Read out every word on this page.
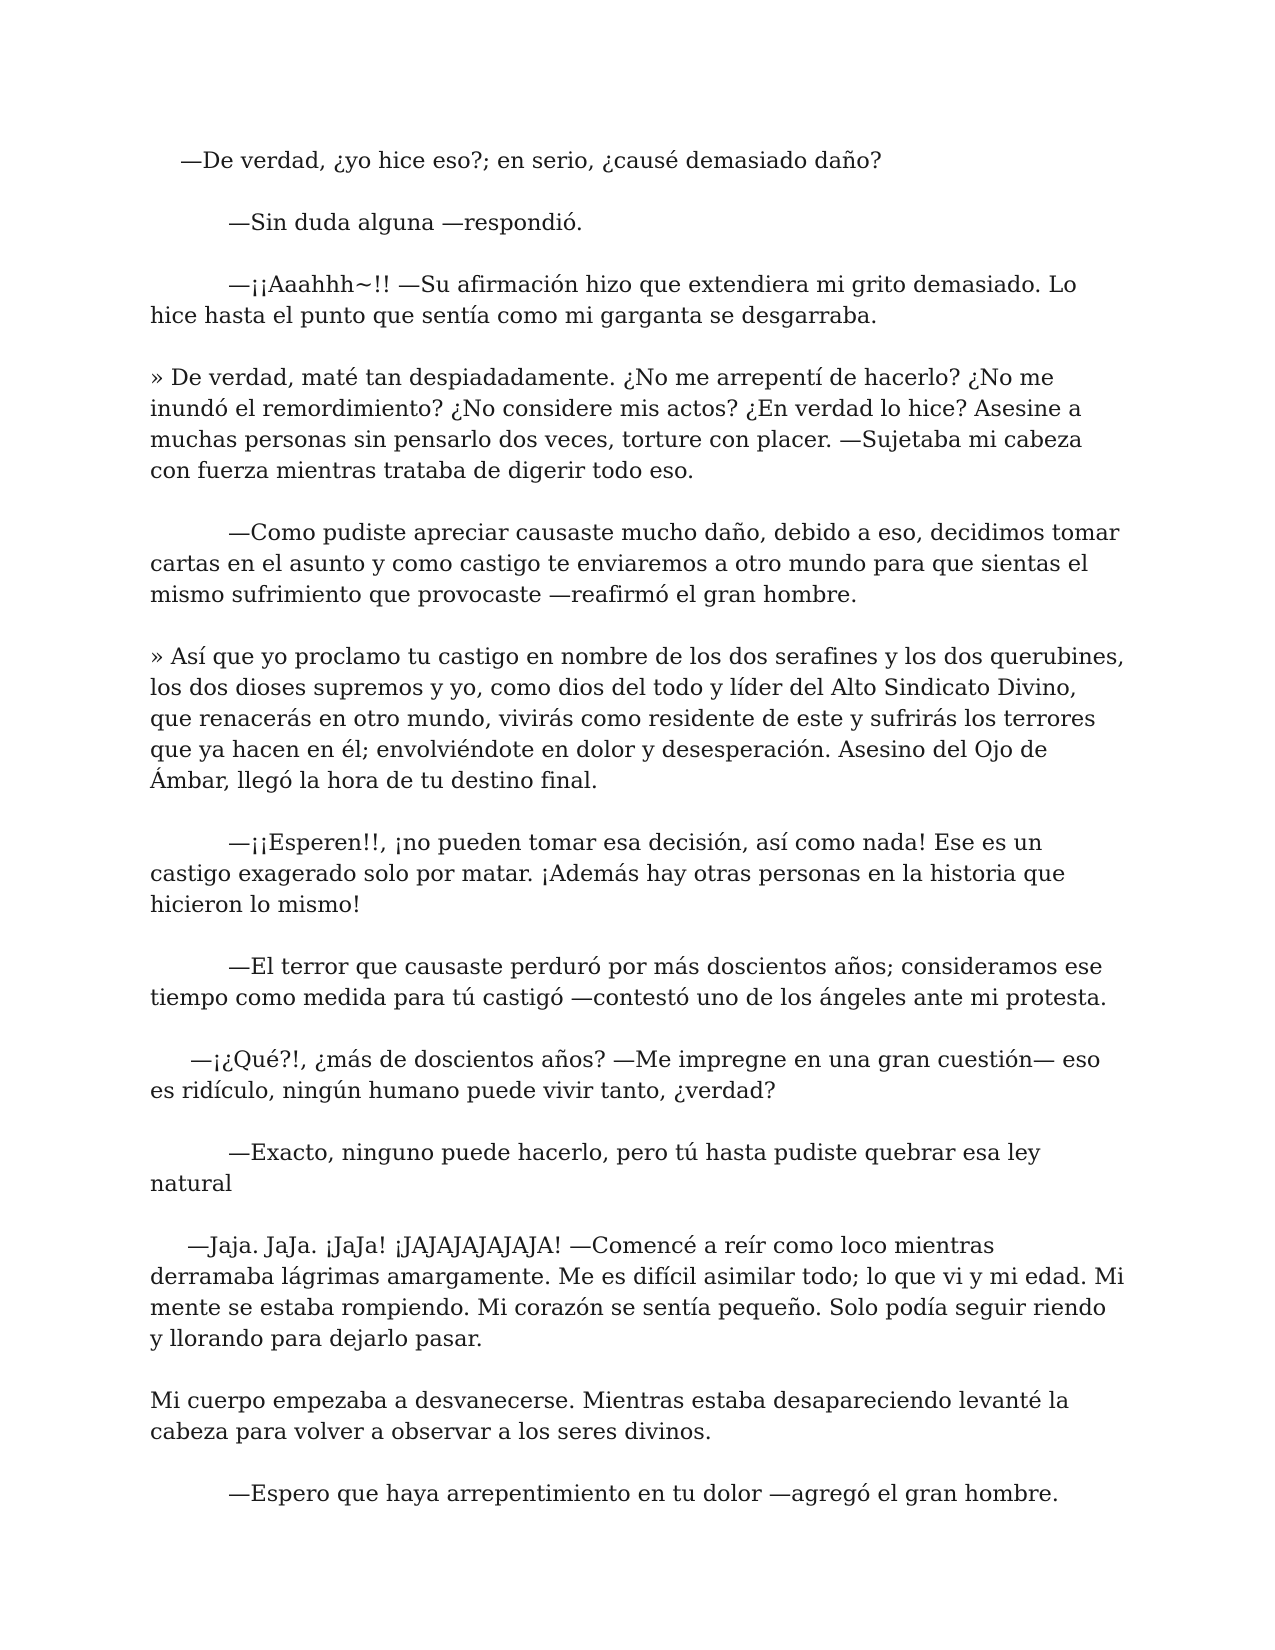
—De verdad, ¿yo hice eso?; en serio, ¿causé demasiado daño?

—Sin duda alguna —respondió.

—¡¡Aaahhh~!! —Su afirmación hizo que extendiera mi grito demasiado. Lo hice hasta el punto que sentía como mi garganta se desgarraba.

» De verdad, maté tan despiadadamente. ¿No me arrepentí de hacerlo? ¿No me inundó el remordimiento? ¿No considere mis actos? ¿En verdad lo hice? Asesine a muchas personas sin pensarlo dos veces, torture con placer. —Sujetaba mi cabeza con fuerza mientras trataba de digerir todo eso.

—Como pudiste apreciar causaste mucho daño, debido a eso, decidimos tomar cartas en el asunto y como castigo te enviaremos a otro mundo para que sientas el mismo sufrimiento que provocaste —reafirmó el gran hombre.

» Así que yo proclamo tu castigo en nombre de los dos serafines y los dos querubines, los dos dioses supremos y yo, como dios del todo y líder del Alto Sindicato Divino, que renacerás en otro mundo, vivirás como residente de este y sufrirás los terrores que ya hacen en él; envolviéndote en dolor y desesperación. Asesino del Ojo de Ámbar, llegó la hora de tu destino final.

—¡¡Esperen!!, ¡no pueden tomar esa decisión, así como nada! Ese es un castigo exagerado solo por matar. ¡Además hay otras personas en la historia que hicieron lo mismo!

—El terror que causaste perduró por más doscientos años; consideramos ese tiempo como medida para tú castigó —contestó uno de los ángeles ante mi protesta.

—¡¿Qué?!, ¿más de doscientos años? —Me impregne en una gran cuestión— eso es ridículo, ningún humano puede vivir tanto, ¿verdad?

—Exacto, ninguno puede hacerlo, pero tú hasta pudiste quebrar esa ley natural

—Jaja. JaJa. ¡JaJa! ¡JAJAJAJAJAJA! —Comencé a reír como loco mientras derramaba lágrimas amargamente. Me es difícil asimilar todo; lo que vi y mi edad. Mi mente se estaba rompiendo. Mi corazón se sentía pequeño. Solo podía seguir riendo y llorando para dejarlo pasar.

Mi cuerpo empezaba a desvanecerse. Mientras estaba desapareciendo levanté la cabeza para volver a observar a los seres divinos.

—Espero que haya arrepentimiento en tu dolor —agregó el gran hombre.
